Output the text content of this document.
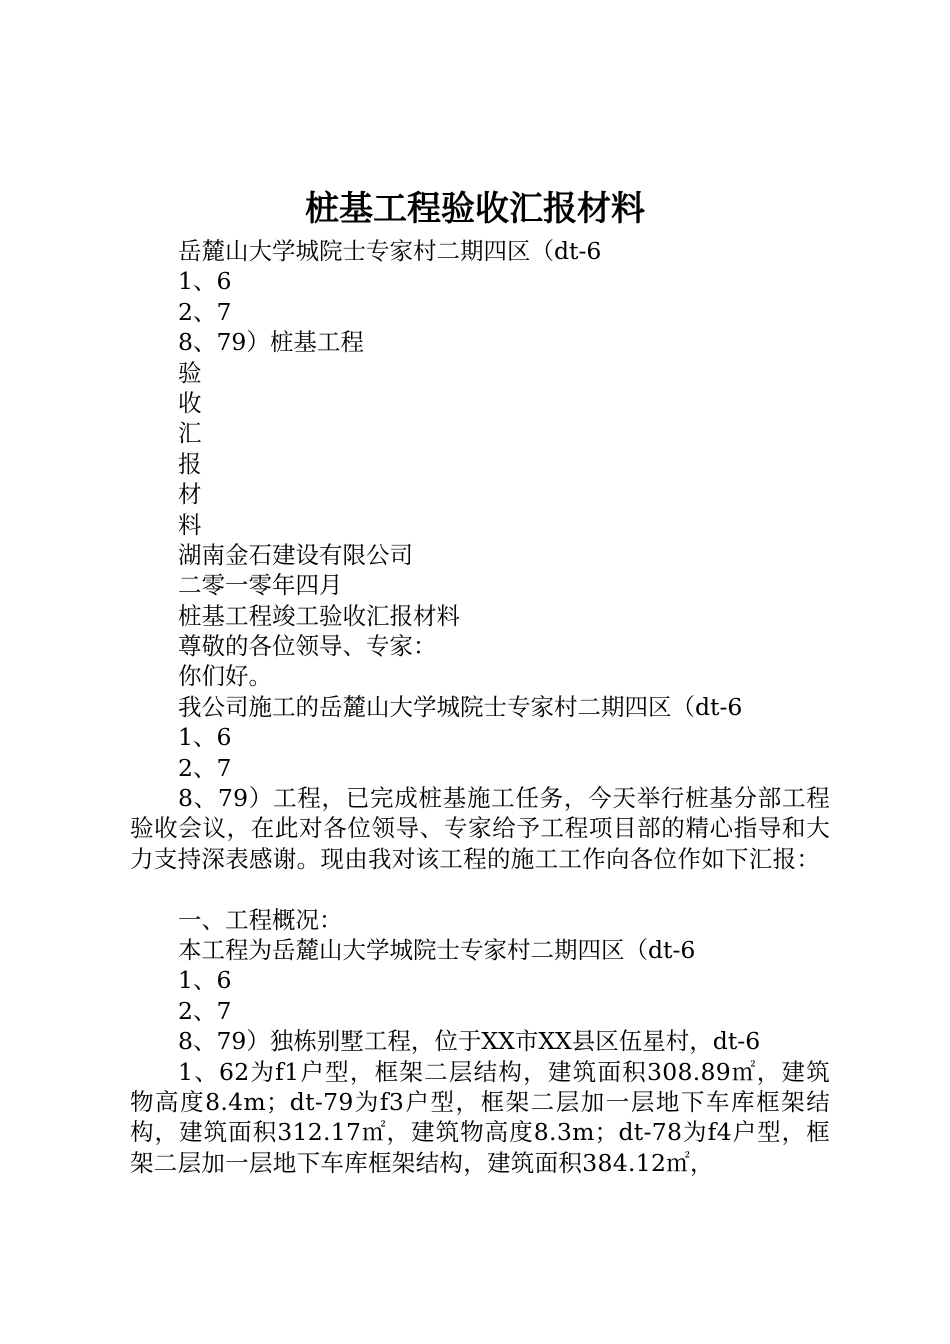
桩基工程验收汇报材料
岳麓山大学城院士专家村二期四区（dt-6
1、6
2、7
8、79）桩基工程
验
收
汇
报
材
料
湖南金石建设有限公司
二零一零年四月
桩基工程竣工验收汇报材料
尊敬的各位领导、专家：
你们好。
我公司施工的岳麓山大学城院士专家村二期四区（dt-6
1、6
2、7
8、79）工程，已完成桩基施工任务，今天举行桩基分部工程验收会议，在此对各位领导、专家给予工程项目部的精心指导和大力支持深表感谢。现由我对该工程的施工工作向各位作如下汇报：
一、工程概况：
本工程为岳麓山大学城院士专家村二期四区（dt-6
1、6
2、7
8、79）独栋别墅工程，位于XX市XX县区伍星村，dt-6
1、62为f1户型，框架二层结构，建筑面积308.89㎡，建筑物高度8.4m；dt-79为f3户型，框架二层加一层地下车库框架结构，建筑面积312.17㎡，建筑物高度8.3m；dt-78为f4户型，框架二层加一层地下车库框架结构，建筑面积384.12㎡，
